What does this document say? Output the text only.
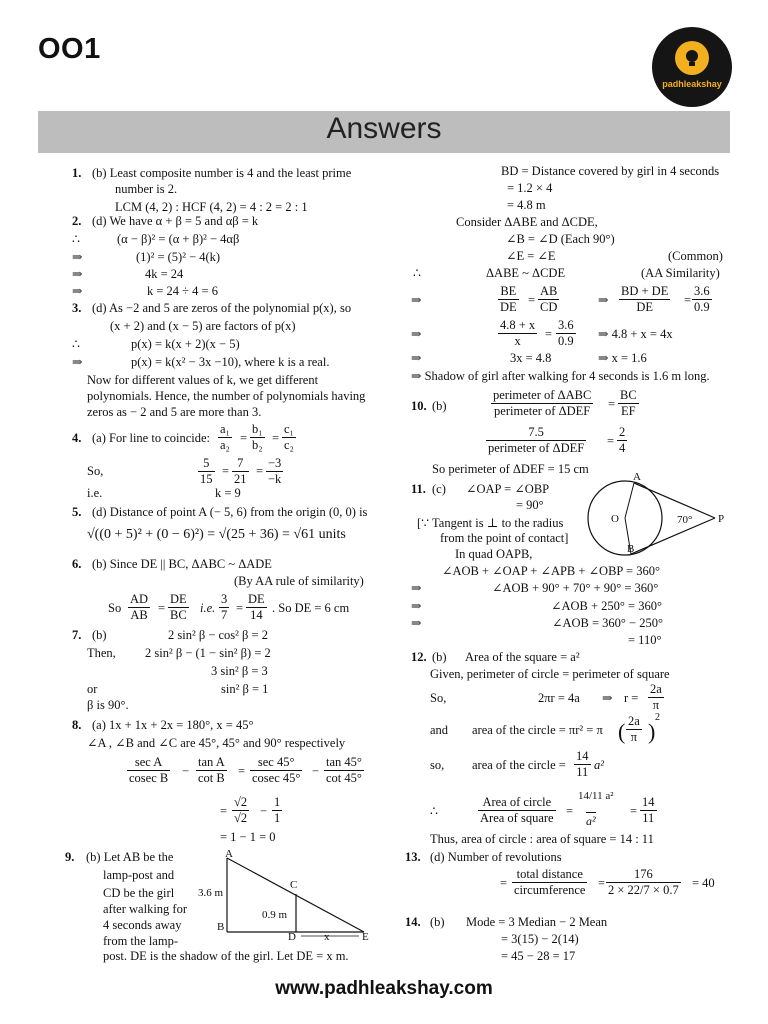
OO1
padhleakshay
Answers
1. (b) Least composite number is 4 and the least prime
number is 2.
LCM (4, 2) : HCF (4, 2) = 4 : 2 = 2 : 1
2. (d) We have α + β = 5 and αβ = k
∴	(α − β)² = (α + β)² − 4αβ
⇒	(1)² = (5)² − 4(k)
⇒	4k = 24
⇒	k = 24 ÷ 4 = 6
3. (d) As −2 and 5 are zeros of the polynomial p(x), so
(x + 2) and (x − 5) are factors of p(x)
∴	p(x) = k(x + 2)(x − 5)
⇒	p(x) = k(x² − 3x −10), where k is a real.
Now for different values of k, we get different
polynomials. Hence, the number of polynomials having
zeros as − 2 and 5 are more than 3.
4. (a) For line to coincide: $\frac{\text{a₁}}{\text{a₂}} = \frac{\text{b₁}}{\text{b₂}} = \frac{\text{c₁}}{\text{c₂}}$
So,	$\frac{5}{15} = \frac{7}{21} = \frac{-3}{-k}$
i.e.	k = 9
5. (d) Distance of point A (− 5, 6) from the origin (0, 0) is
√((0 + 5)² + (0 − 6)²) = √(25 + 36) = √61 units
6. (b) Since DE || BC, ΔABC ~ ΔADE
(By AA rule of similarity)
So $\frac{AD}{AB} = \frac{DE}{BC} i.e$. $\frac{3}{7} = \frac{DE}{14}$ . So DE = 6 cm
7. (b)	2 sin² β − cos² β = 2
Then, 2 sin² β − (1 − sin² β) = 2
3 sin² β = 3
or	sin² β = 1
β is 90°.
8. (a) 1x + 1x + 2x = 180°, x = 45°
∠A , ∠B and ∠C are 45°, 45° and 90° respectively
sec A
cosec $B - \frac{\text{tan A}}{\text{cot B}}$ =
sec 45°
cosec $45^\circ - \frac{\tan 45^\circ}{\cot 45^\circ}$
= $\frac{√2}{√2} - \frac{1}{1}$
= 1 − 1 = 0
9. (b) Let AB be the
lamp-post and
CD be the girl
after walking for
4 seconds away
from the lamp-
post. DE is the shadow of the girl. Let DE = x m.
A
C
3.6 m
0.9 m
B
D	x	E
BD = Distance covered by girl in 4 seconds
= 1.2 × 4
= 4.8 m
Consider ΔABE and ΔCDE,
∠B = ∠D (Each 90°)
∠E = ∠E	(Common)
∴	ΔABE ~ ΔCDE	(AA Similarity)
⇒	$\frac{BE}{DE} = \frac{AB}{CD}$	⇒ $\frac{BD + DE}{DE} = \frac{3.6}{0.9}$
⇒	$\frac{4.8 + x}{x} = \frac{3.6}{0.9}$ ⇒ 4.8 + x = 4x
⇒	3x = 4.8	⇒ x = 1.6
⇒ Shadow of girl after walking for 4 seconds is 1.6 m long.
10. (b)
perimeter of ΔABC
perimeter of $\Delta DEF = \frac{BC}{EF}$
7.5
perimeter of $\Delta DEF = \frac{2}{4}$
So perimeter of ΔDEF = 15 cm
11. (c) ∠OAP = ∠OBP
= 90°
[∵ Tangent is ⊥ to the radius
from the point of contact]
In quad OAPB,
∠AOB + ∠OAP + ∠APB + ∠OBP = 360°
⇒	∠AOB + 90° + 70° + 90° = 360°
⇒	∠AOB + 250° = 360°
⇒	∠AOB = 360° − 250°
= 110°
A
O	70° P
B
12. (b) Area of the square = a²
Given, perimeter of circle = perimeter of square
So,	2πr = 4a ⇒ $r = \frac{2a}{\pi}$
and area of the circle = πr² = π ( $\frac{2a}{\pi}$ )
2
so, area of the circle = $\frac{14}{11} a^2$
∴
Area of circle
Area of square =
14/11 a²
a²
= $\frac{14}{11}$
Thus, area of circle : area of square = 14 : 11
13. (d) Number of revolutions
=
total distance
circumference = $\frac{176}{2 \times 22/7 \times 0.7} = 40$
14. (b) Mode = 3 Median − 2 Mean
= 3(15) − 2(14)
= 45 − 28 = 17
www.padhleakshay.com
